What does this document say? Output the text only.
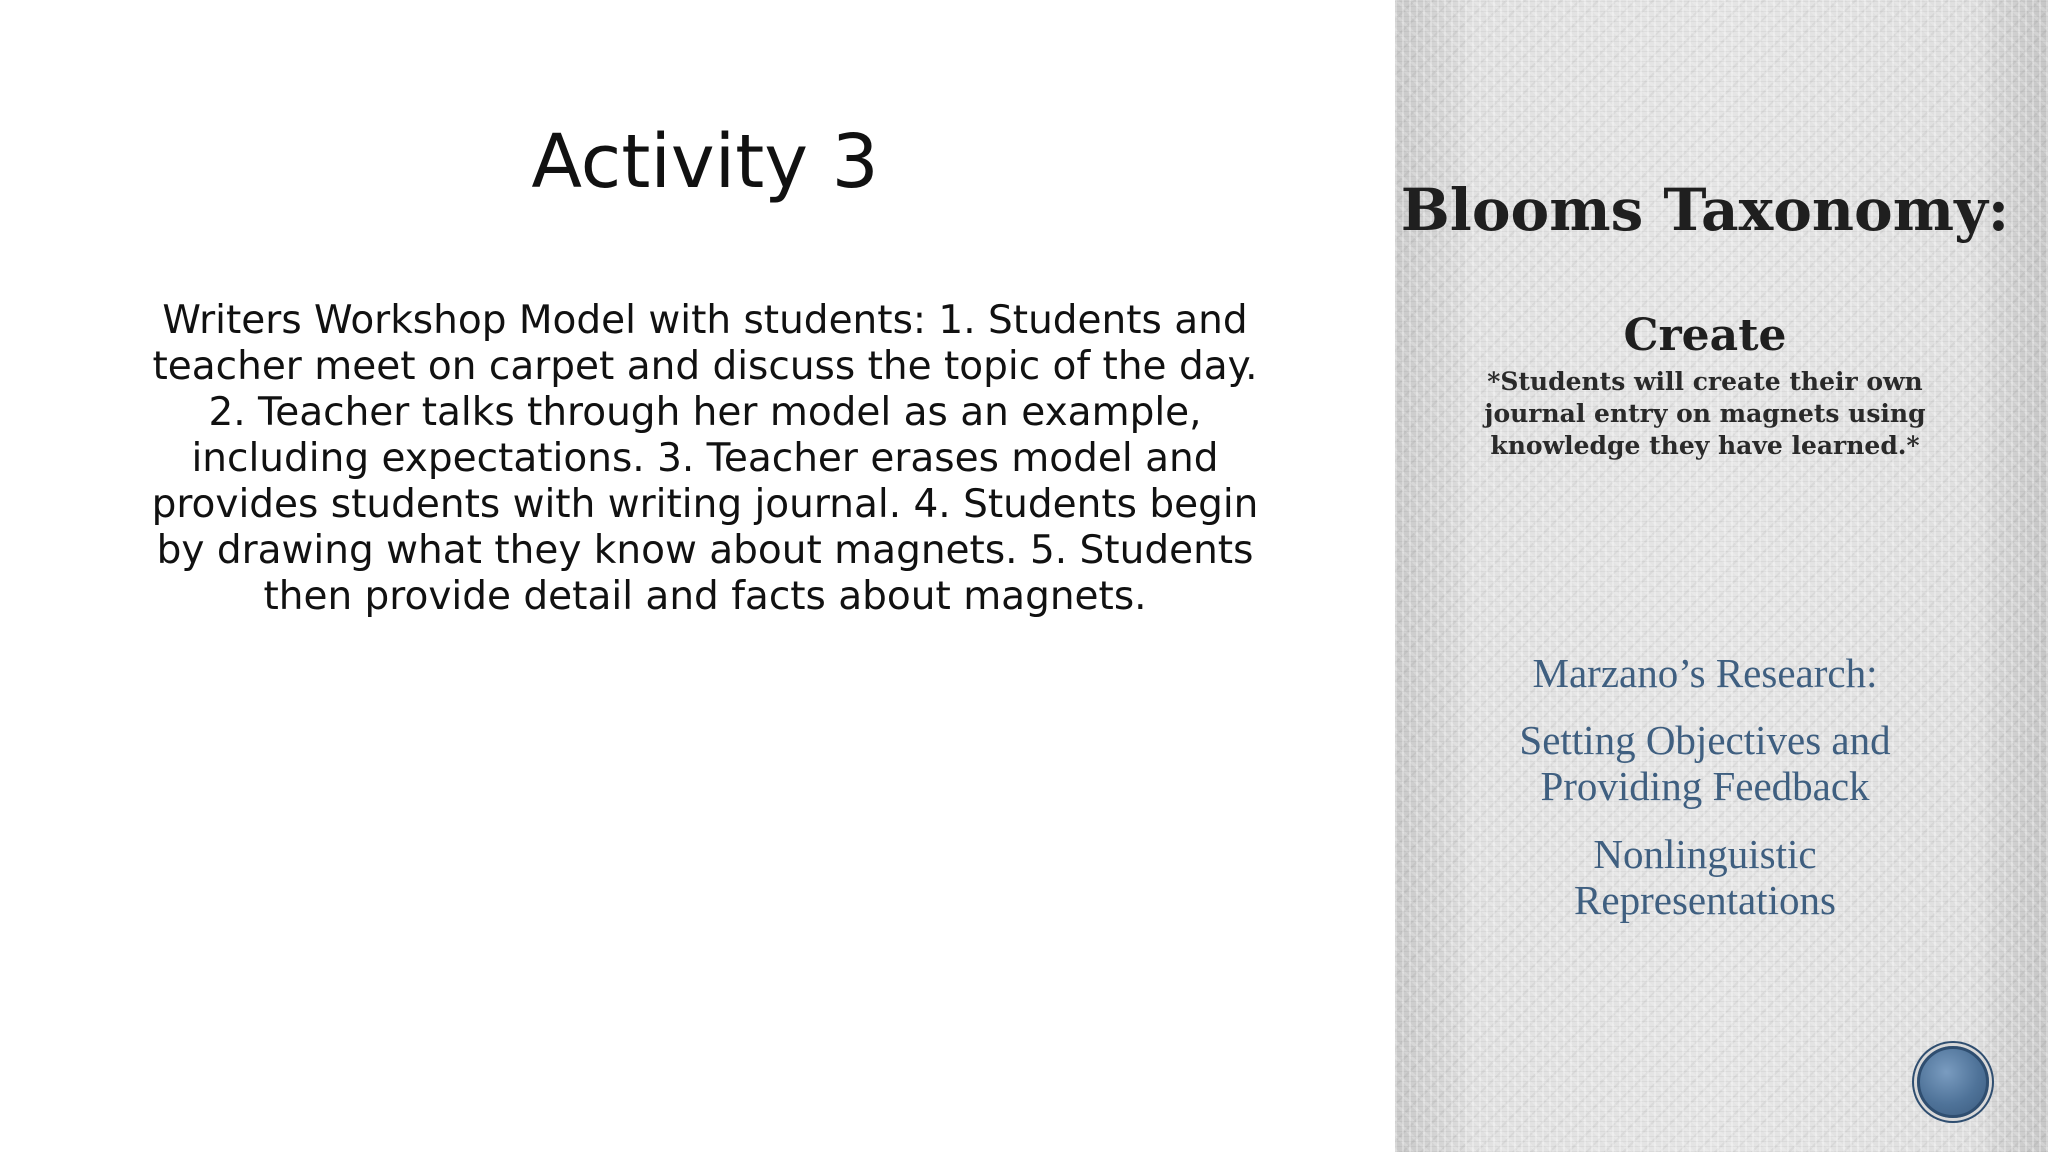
Activity 3

Writers Workshop Model with students: 1. Students and teacher meet on carpet and discuss the topic of the day. 2. Teacher talks through her model as an example, including expectations. 3. Teacher erases model and provides students with writing journal. 4. Students begin by drawing what they know about magnets. 5. Students then provide detail and facts about magnets.

Blooms Taxonomy:
Create

*Students will create their own journal entry on magnets using knowledge they have learned.*

Marzano’s Research:

Setting Objectives and Providing Feedback

Nonlinguistic Representations
